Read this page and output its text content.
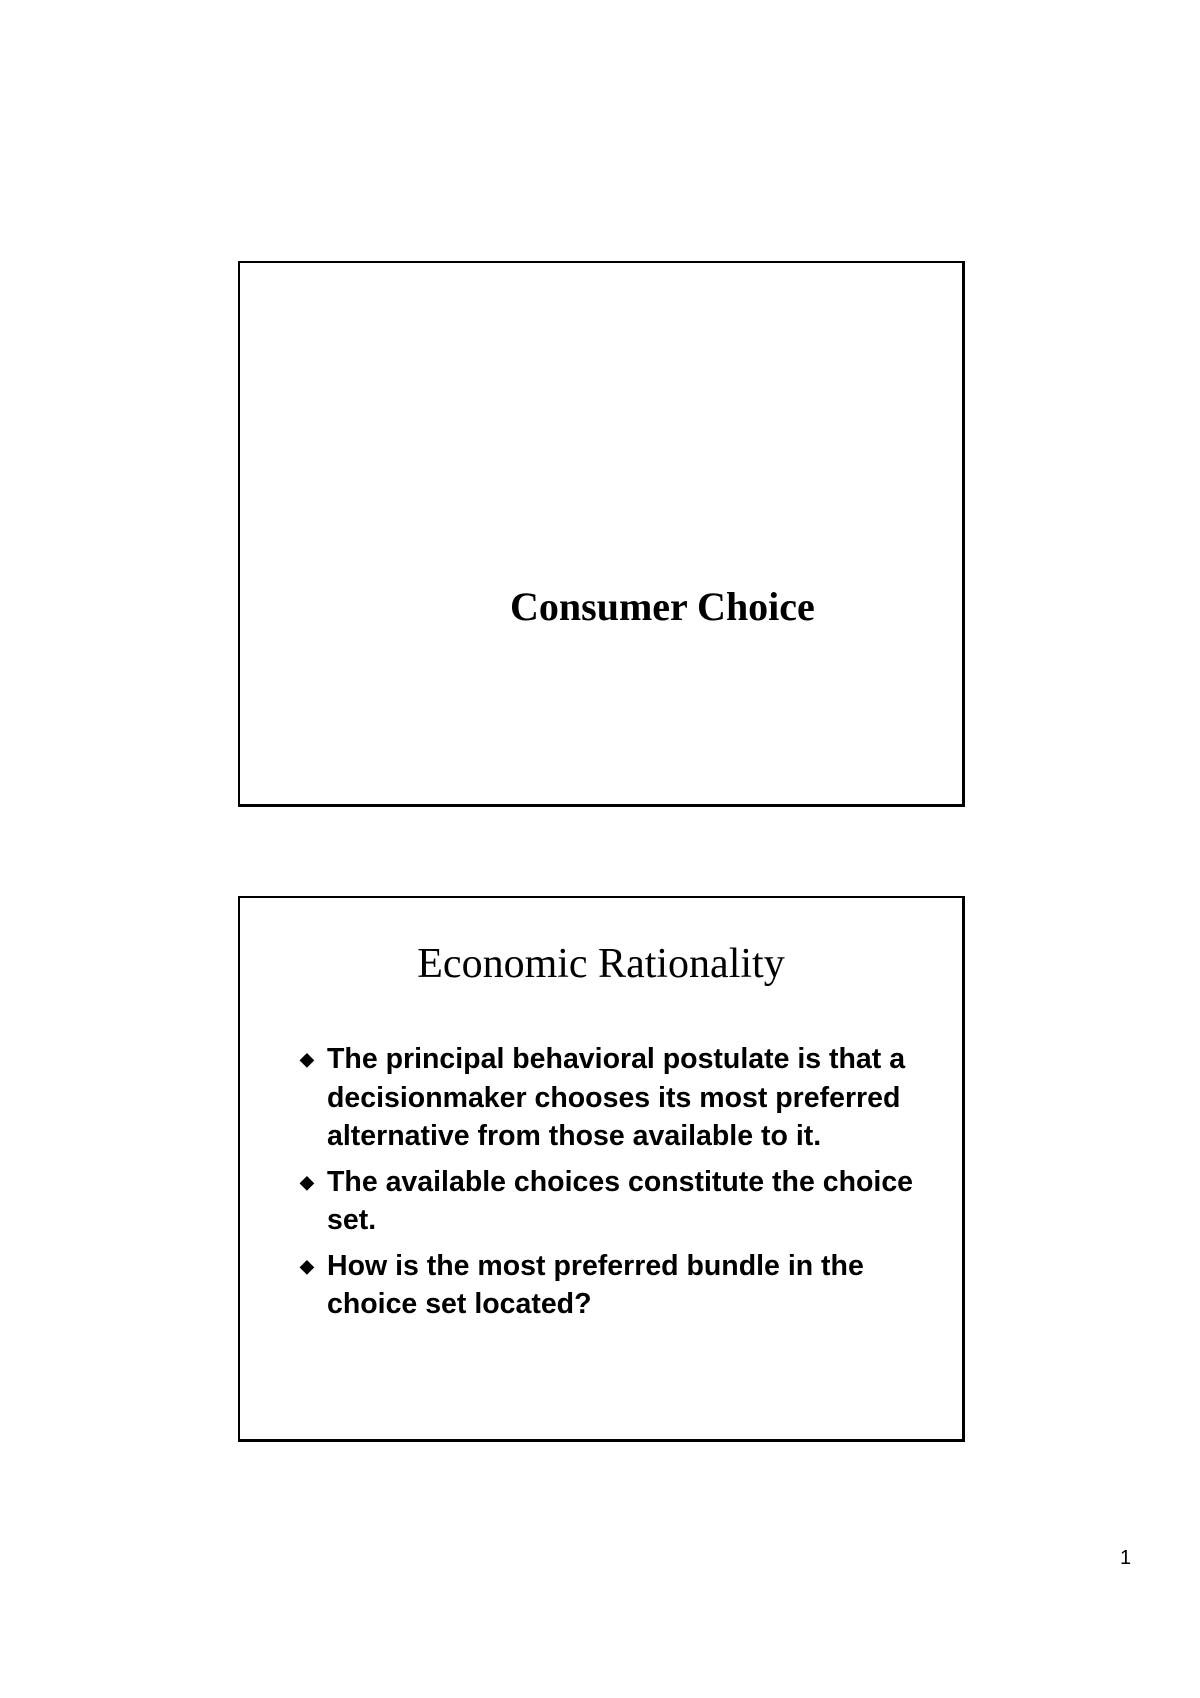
Consumer Choice
Economic Rationality
◆ The principal behavioral postulate is that a decisionmaker chooses its most preferred alternative from those available to it.
◆ The available choices constitute the choice set.
◆ How is the most preferred bundle in the choice set located?
1
